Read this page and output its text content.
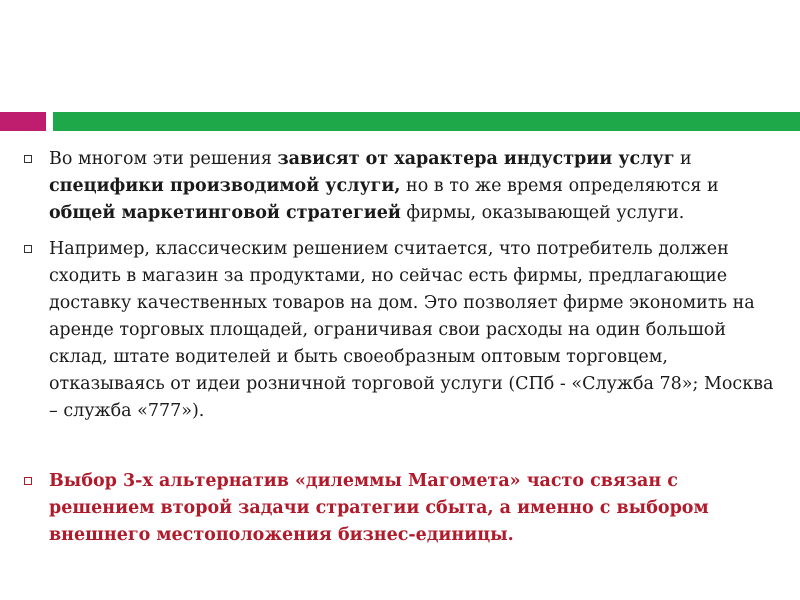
Во многом эти решения зависят от характера индустрии услуг и специфики производимой услуги, но в то же время определяются и общей маркетинговой стратегией фирмы, оказывающей услуги.
Например, классическим решением считается, что потребитель должен сходить в магазин за продуктами, но сейчас есть фирмы, предлагающие доставку качественных товаров на дом. Это позволяет фирме экономить на аренде торговых площадей, ограничивая свои расходы на один большой склад, штате водителей и быть своеобразным оптовым торговцем, отказываясь от идеи розничной торговой услуги (СПб - «Служба 78»; Москва – служба «777»).
Выбор 3-х альтернатив «дилеммы Магомета» часто связан с решением второй задачи стратегии сбыта, а именно с выбором внешнего местоположения бизнес-единицы.
